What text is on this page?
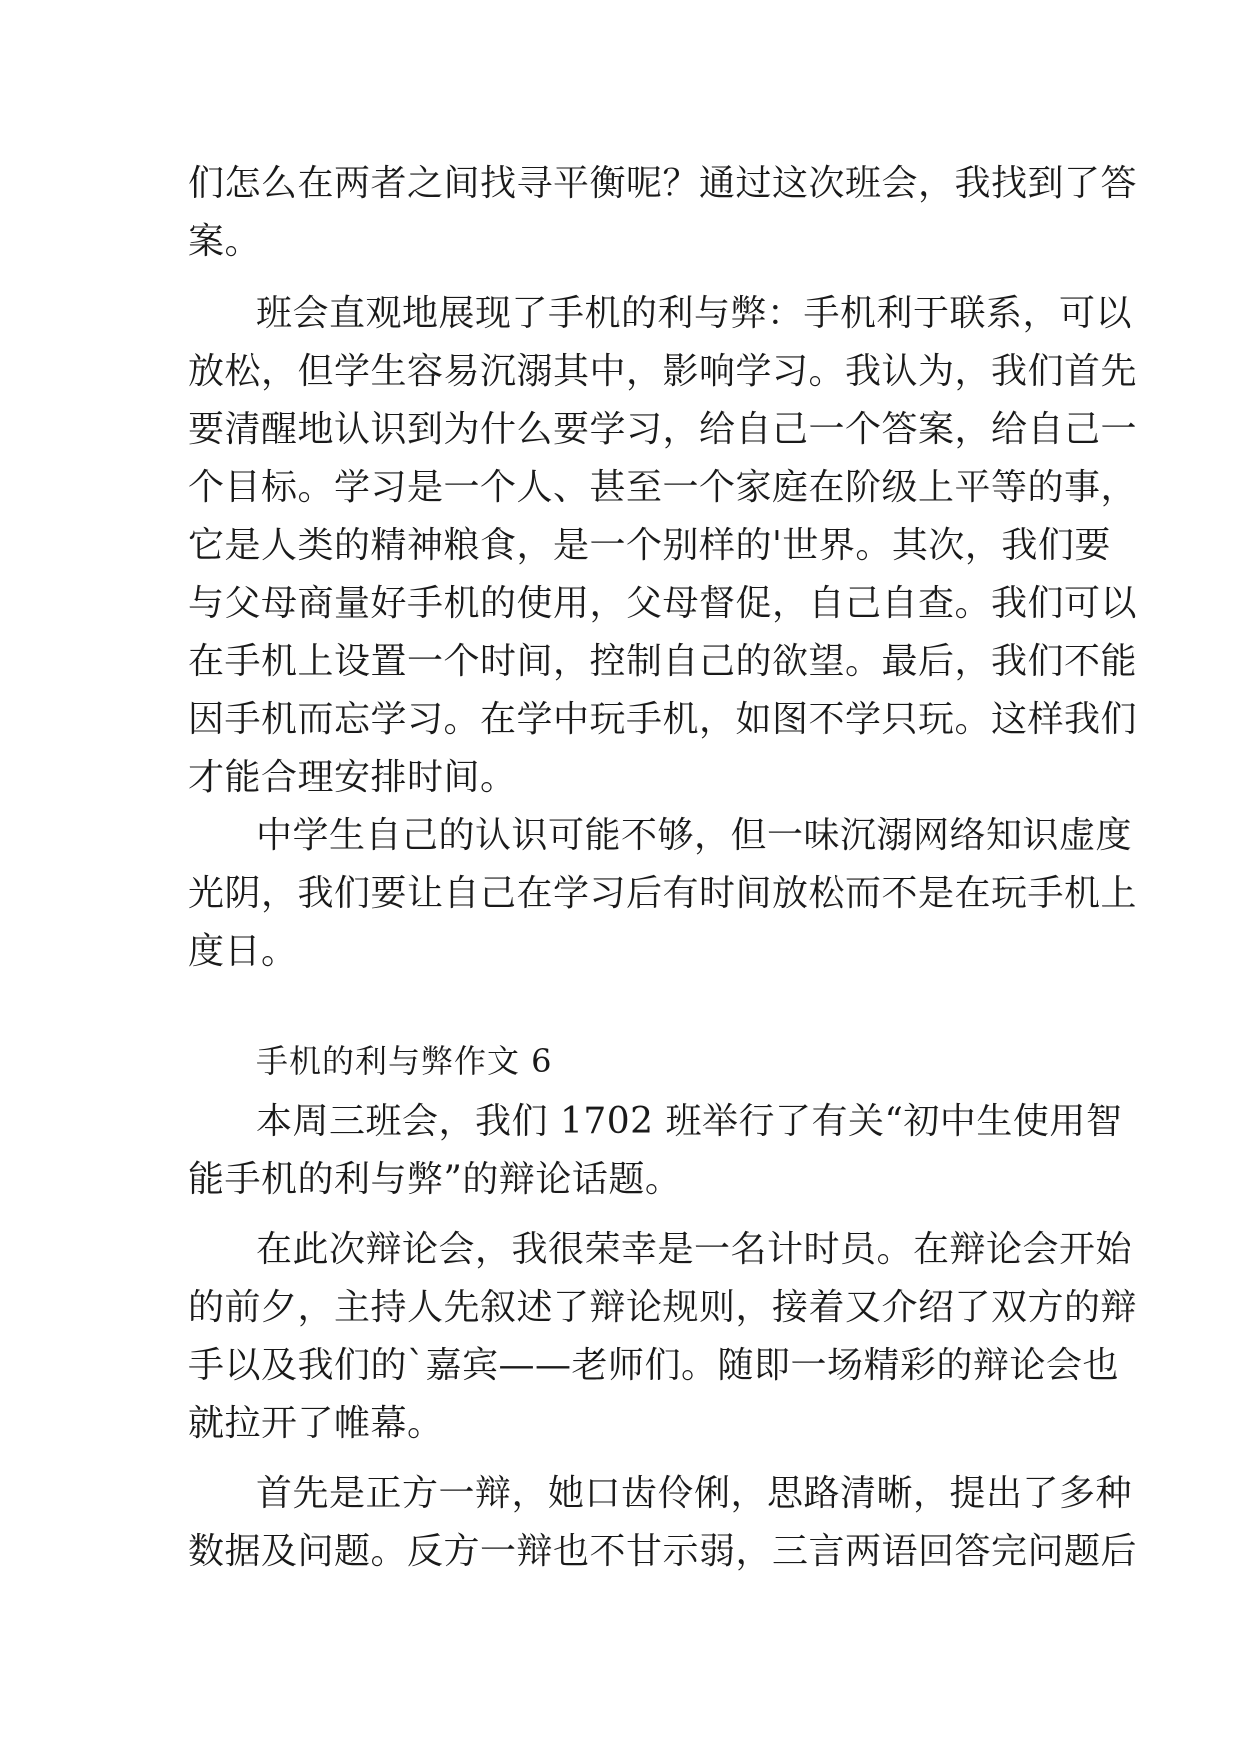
们怎么在两者之间找寻平衡呢？通过这次班会，我找到了答
案。
班会直观地展现了手机的利与弊：手机利于联系，可以
放松，但学生容易沉溺其中，影响学习。我认为，我们首先
要清醒地认识到为什么要学习，给自己一个答案，给自己一
个目标。学习是一个人、甚至一个家庭在阶级上平等的事，
它是人类的精神粮食，是一个别样的'世界。其次，我们要
与父母商量好手机的使用，父母督促，自己自查。我们可以
在手机上设置一个时间，控制自己的欲望。最后，我们不能
因手机而忘学习。在学中玩手机，如图不学只玩。这样我们
才能合理安排时间。
中学生自己的认识可能不够，但一味沉溺网络知识虚度
光阴，我们要让自己在学习后有时间放松而不是在玩手机上
度日。
手机的利与弊作文 6
本周三班会，我们 1702 班举行了有关“初中生使用智
能手机的利与弊”的辩论话题。
在此次辩论会，我很荣幸是一名计时员。在辩论会开始
的前夕，主持人先叙述了辩论规则，接着又介绍了双方的辩
手以及我们的`嘉宾——老师们。随即一场精彩的辩论会也
就拉开了帷幕。
首先是正方一辩，她口齿伶俐，思路清晰，提出了多种
数据及问题。反方一辩也不甘示弱，三言两语回答完问题后
